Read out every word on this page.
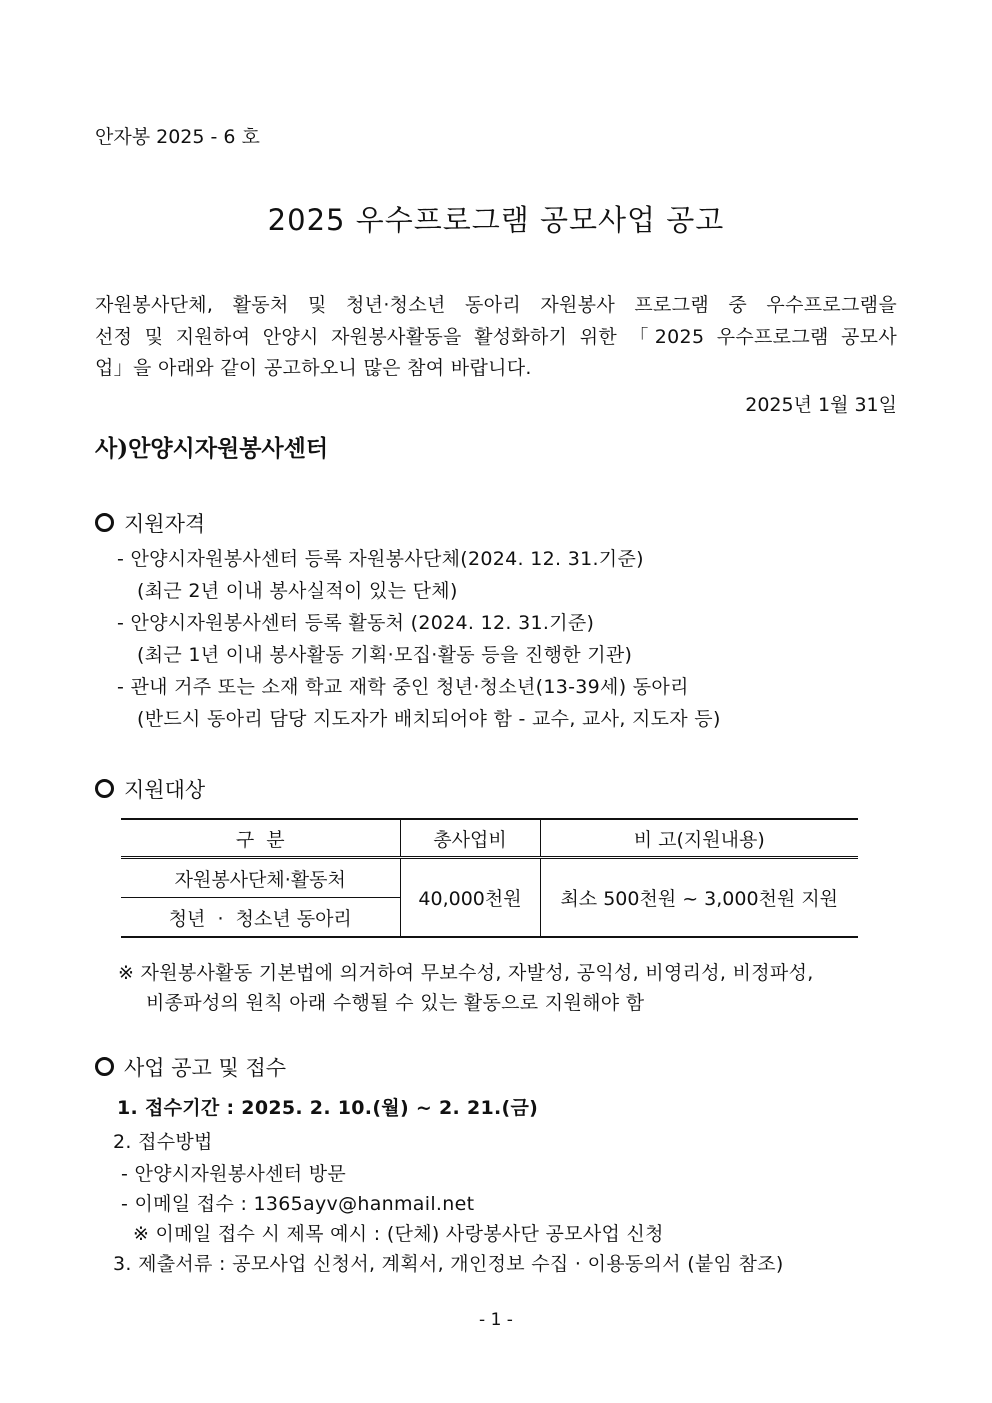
안자봉 2025 - 6 호
2025 우수프로그램 공모사업 공고
자원봉사단체, 활동처 및 청년·청소년 동아리 자원봉사 프로그램 중 우수프로그램을
선정 및 지원하여 안양시 자원봉사활동을 활성화하기 위한 「2025 우수프로그램 공모사
업」을 아래와 같이 공고하오니 많은 참여 바랍니다.
2025년 1월 31일
사)안양시자원봉사센터
지원자격
- 안양시자원봉사센터 등록 자원봉사단체(2024. 12. 31.기준)
(최근 2년 이내 봉사실적이 있는 단체)
- 안양시자원봉사센터 등록 활동처 (2024. 12. 31.기준)
(최근 1년 이내 봉사활동 기획·모집·활동 등을 진행한 기관)
- 관내 거주 또는 소재 학교 재학 중인 청년·청소년(13-39세) 동아리
(반드시 동아리 담당 지도자가 배치되어야 함 - 교수, 교사, 지도자 등)
지원대상
구  분	총사업비	비 고(지원내용)
자원봉사단체·활동처	40,000천원	최소 500천원 ~ 3,000천원 지원
청년  ·  청소년 동아리		
※ 자원봉사활동 기본법에 의거하여 무보수성, 자발성, 공익성, 비영리성, 비정파성,
비종파성의 원칙 아래 수행될 수 있는 활동으로 지원해야 함
사업 공고 및 접수
1. 접수기간 : 2025. 2. 10.(월) ~ 2. 21.(금)
2. 접수방법
- 안양시자원봉사센터 방문
- 이메일 접수 : 1365ayv@hanmail.net
※ 이메일 접수 시 제목 예시 : (단체) 사랑봉사단 공모사업 신청
3. 제출서류 : 공모사업 신청서, 계획서, 개인정보 수집 · 이용동의서 (붙임 참조)
- 1 -
